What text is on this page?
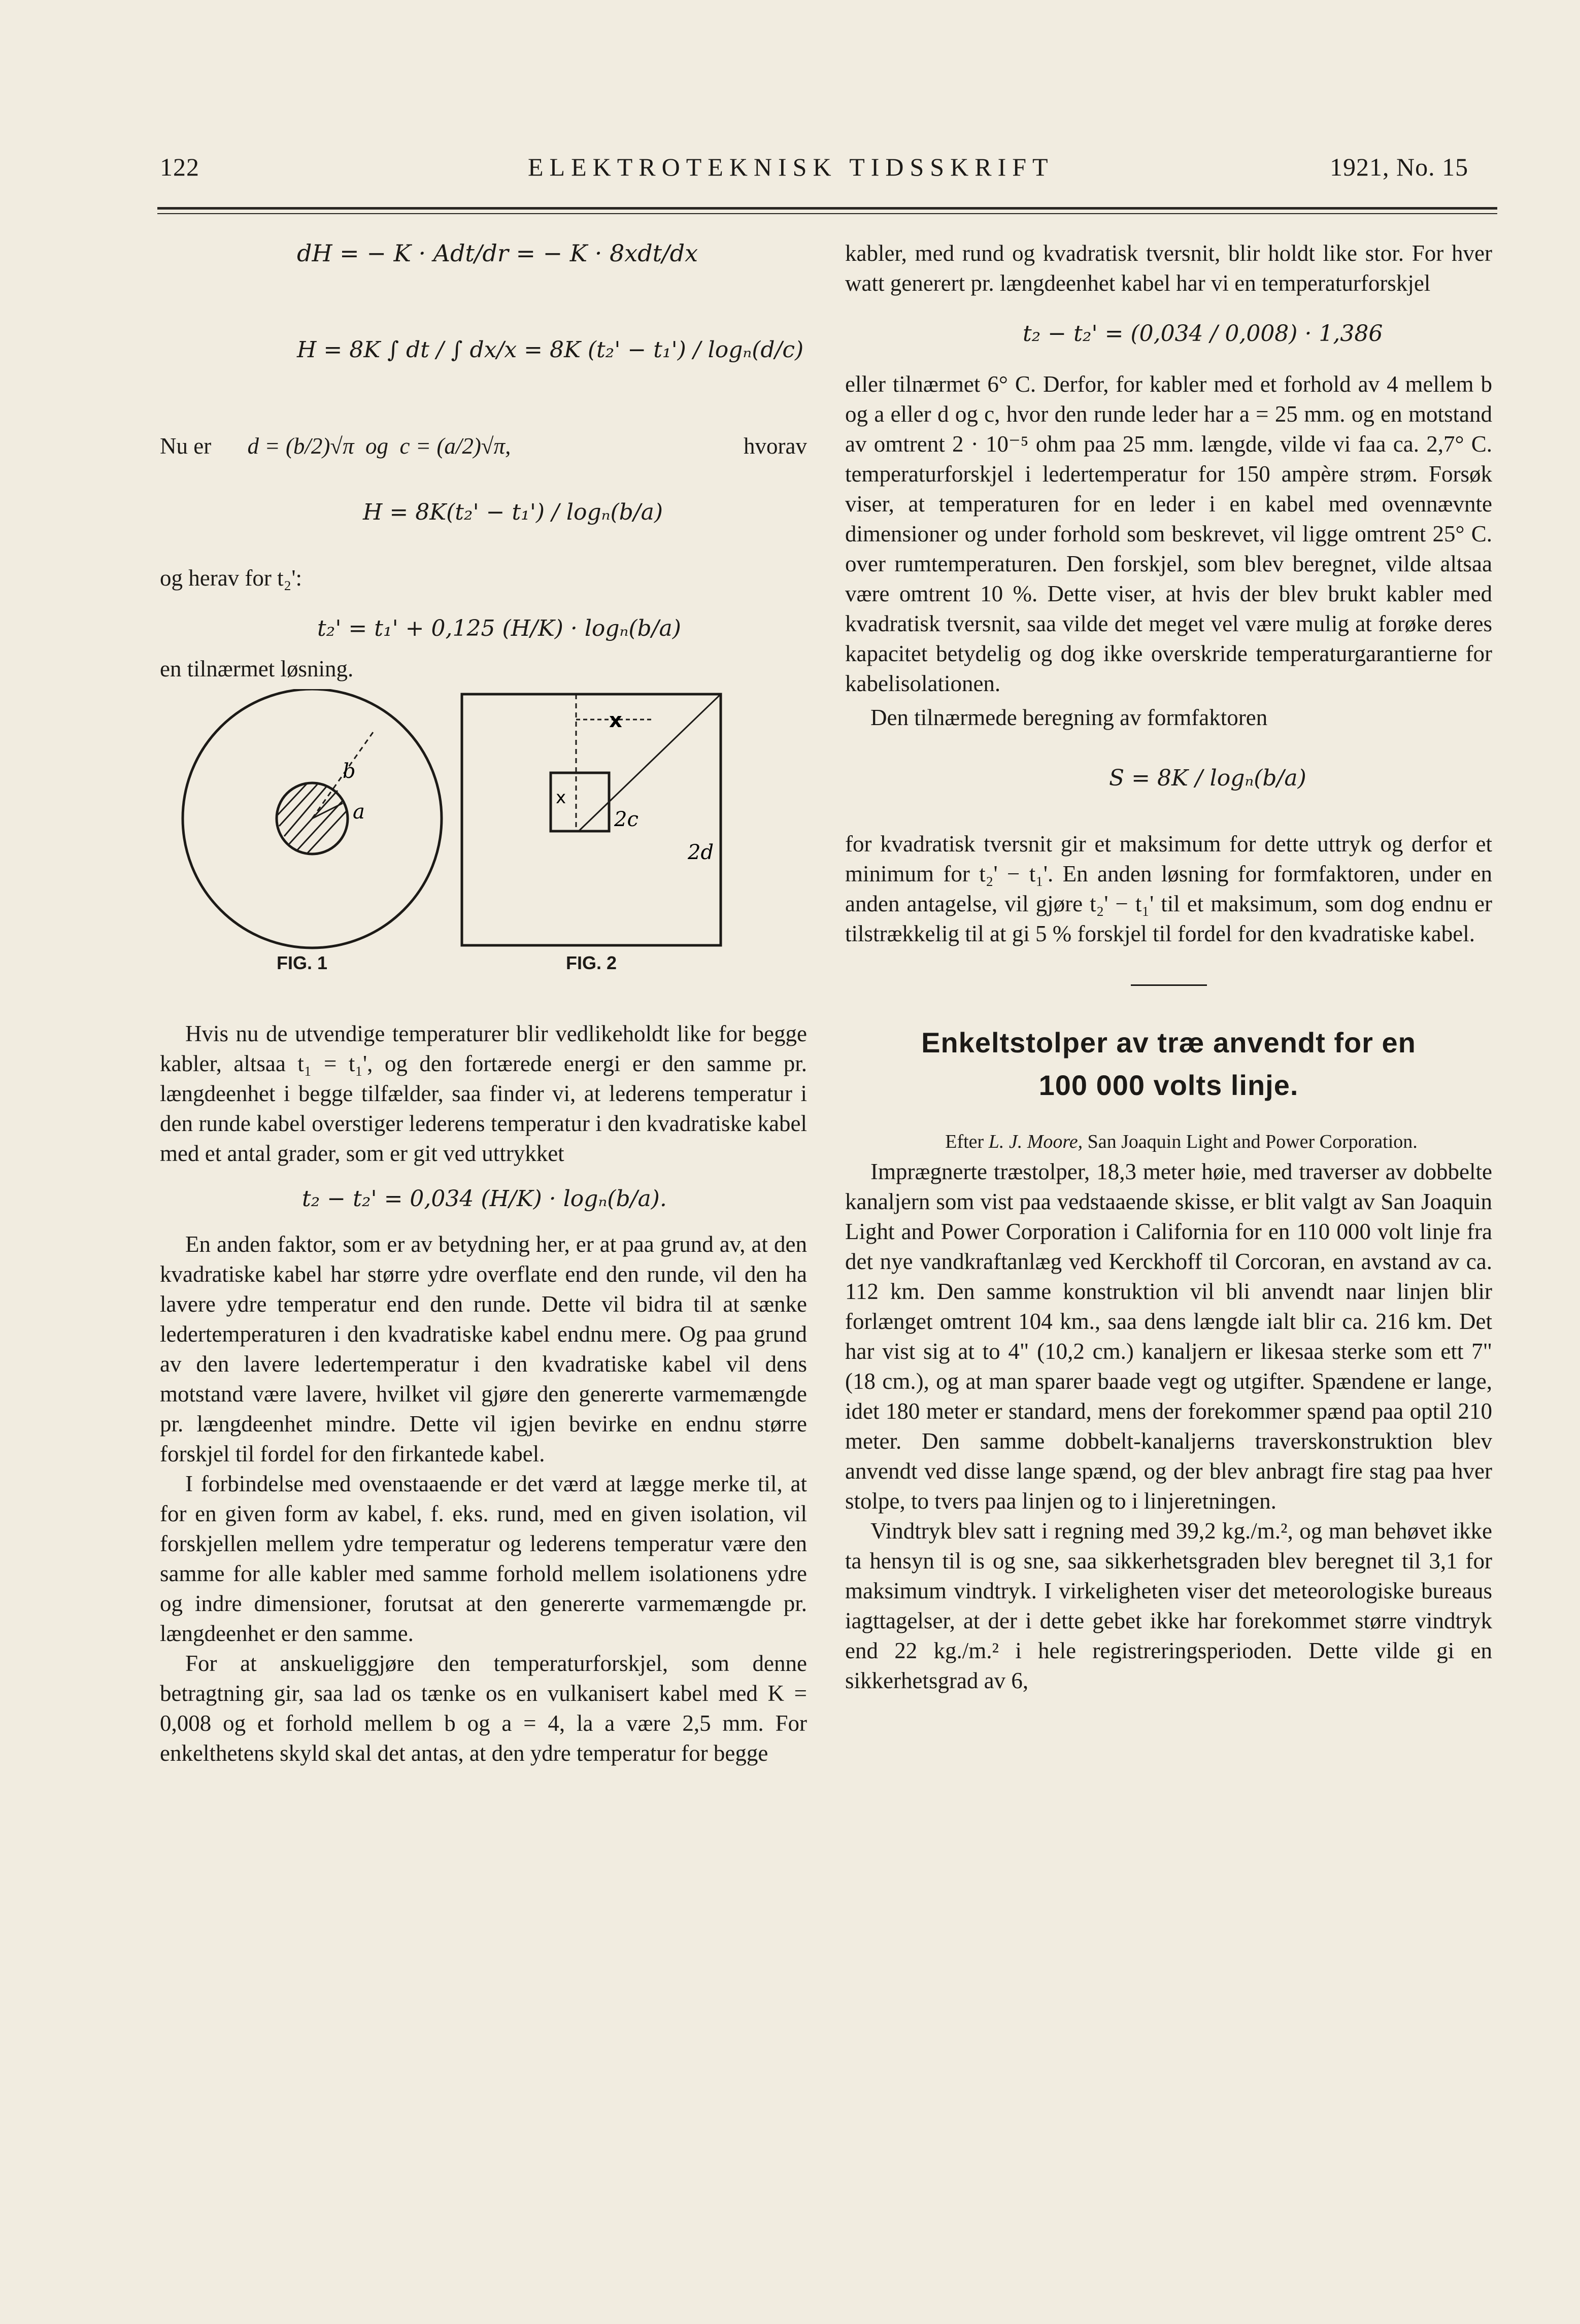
122	ELEKTROTEKNISK TIDSSKRIFT	1921, No. 15
dH = − K · Adt/dr = − K · 8xdt/dx
H = 8K ∫ dt / ∫ dx/x = 8K (t₂' − t₁') / logₙ(d/c)

Nu er d = (b/2)√π  og  c = (a/2)√π,	hvorav

H = 8K(t₂' − t₁') / logₙ(b/a)

og herav for t₂':

t₂' = t₁' + 0,125 (H/K) · logₙ(b/a)

en tilnærmet løsning.

b
a
x
x
2c
2d
FIG. 1	FIG. 2

Hvis nu de utvendige temperaturer blir vedlikeholdt like for begge kabler, altsaa t₁ = t₁', og den fortærede energi er den samme pr. længdeenhet i begge tilfælder, saa finder vi, at lederens temperatur i den runde kabel overstiger lederens temperatur i den kvadratiske kabel med et antal grader, som er git ved uttrykket

t₂ − t₂' = 0,034 (H/K) · logₙ(b/a).

En anden faktor, som er av betydning her, er at paa grund av, at den kvadratiske kabel har større ydre overflate end den runde, vil den ha lavere ydre temperatur end den runde. Dette vil bidra til at sænke ledertemperaturen i den kvadratiske kabel endnu mere. Og paa grund av den lavere ledertemperatur i den kvadratiske kabel vil dens motstand være lavere, hvilket vil gjøre den genererte varmemængde pr. længdeenhet mindre. Dette vil igjen bevirke en endnu større forskjel til fordel for den firkantede kabel.

I forbindelse med ovenstaaende er det værd at lægge merke til, at for en given form av kabel, f. eks. rund, med en given isolation, vil forskjellen mellem ydre temperatur og lederens temperatur være den samme for alle kabler med samme forhold mellem isolationens ydre og indre dimensioner, forutsat at den genererte varmemængde pr. længdeenhet er den samme.

For at anskueliggjøre den temperaturforskjel, som denne betragtning gir, saa lad os tænke os en vulkanisert kabel med K = 0,008 og et forhold mellem b og a = 4, la a være 2,5 mm. For enkelthetens skyld skal det antas, at den ydre temperatur for begge

kabler, med rund og kvadratisk tversnit, blir holdt like stor. For hver watt generert pr. længdeenhet kabel har vi en temperaturforskjel

t₂ − t₂' = (0,034 / 0,008) · 1,386

eller tilnærmet 6° C. Derfor, for kabler med et forhold av 4 mellem b og a eller d og c, hvor den runde leder har a = 25 mm. og en motstand av omtrent 2 · 10⁻⁵ ohm paa 25 mm. længde, vilde vi faa ca. 2,7° C. temperaturforskjel i ledertemperatur for 150 ampère strøm. Forsøk viser, at temperaturen for en leder i en kabel med ovennævnte dimensioner og under forhold som beskrevet, vil ligge omtrent 25° C. over rumtemperaturen. Den forskjel, som blev beregnet, vilde altsaa være omtrent 10 %. Dette viser, at hvis der blev brukt kabler med kvadratisk tversnit, saa vilde det meget vel være mulig at forøke deres kapacitet betydelig og dog ikke overskride temperaturgarantierne for kabelisolationen.

Den tilnærmede beregning av formfaktoren

S = 8K / logₙ(b/a)

for kvadratisk tversnit gir et maksimum for dette uttryk og derfor et minimum for t₂' − t₁'. En anden løsning for formfaktoren, under en anden antagelse, vil gjøre t₂' − t₁' til et maksimum, som dog endnu er tilstrækkelig til at gi 5 % forskjel til fordel for den kvadratiske kabel.

Enkeltstolper av træ anvendt for en
100 000 volts linje.

Efter L. J. Moore, San Joaquin Light and Power Corporation.

Imprægnerte træstolper, 18,3 meter høie, med traverser av dobbelte kanaljern som vist paa vedstaaende skisse, er blit valgt av San Joaquin Light and Power Corporation i California for en 110 000 volt linje fra det nye vandkraftanlæg ved Kerckhoff til Corcoran, en avstand av ca. 112 km. Den samme konstruktion vil bli anvendt naar linjen blir forlænget omtrent 104 km., saa dens længde ialt blir ca. 216 km. Det har vist sig at to 4" (10,2 cm.) kanaljern er likesaa sterke som ett 7" (18 cm.), og at man sparer baade vegt og utgifter. Spændene er lange, idet 180 meter er standard, mens der forekommer spænd paa optil 210 meter. Den samme dobbelt-kanaljerns traverskonstruktion blev anvendt ved disse lange spænd, og der blev anbragt fire stag paa hver stolpe, to tvers paa linjen og to i linjeretningen.

Vindtryk blev satt i regning med 39,2 kg./m.², og man behøvet ikke ta hensyn til is og sne, saa sikkerhetsgraden blev beregnet til 3,1 for maksimum vindtryk. I virkeligheten viser det meteorologiske bureaus iagttagelser, at der i dette gebet ikke har forekommet større vindtryk end 22 kg./m.² i hele registreringsperioden. Dette vilde gi en sikkerhetsgrad av 6,
